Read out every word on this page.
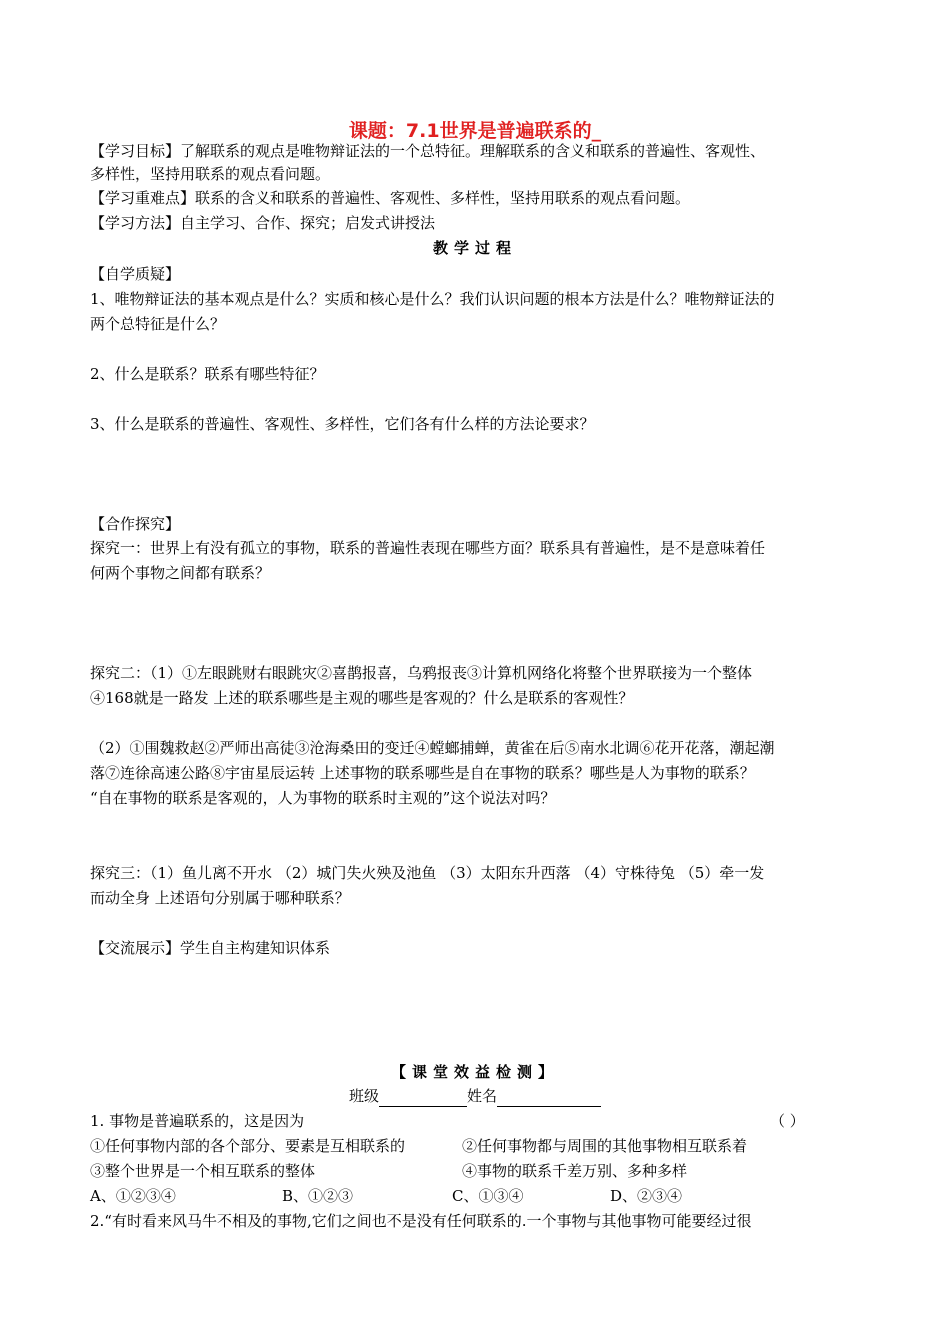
课题：7.1世界是普遍联系的_
【学习目标】了解联系的观点是唯物辩证法的一个总特征。理解联系的含义和联系的普遍性、客观性、
多样性，坚持用联系的观点看问题。
【学习重难点】联系的含义和联系的普遍性、客观性、多样性，坚持用联系的观点看问题。
【学习方法】自主学习、合作、探究；启发式讲授法
教学过程
【自学质疑】
1、唯物辩证法的基本观点是什么？实质和核心是什么？我们认识问题的根本方法是什么？唯物辩证法的
两个总特征是什么？
2、什么是联系？联系有哪些特征？
3、什么是联系的普遍性、客观性、多样性，它们各有什么样的方法论要求？
【合作探究】
探究一：世界上有没有孤立的事物，联系的普遍性表现在哪些方面？联系具有普遍性，是不是意味着任
何两个事物之间都有联系？
探究二：（1）①左眼跳财右眼跳灾②喜鹊报喜，乌鸦报丧③计算机网络化将整个世界联接为一个整体
④168就是一路发 上述的联系哪些是主观的哪些是客观的？什么是联系的客观性？
（2）①围魏救赵②严师出高徒③沧海桑田的变迁④螳螂捕蝉，黄雀在后⑤南水北调⑥花开花落，潮起潮
落⑦连徐高速公路⑧宇宙星辰运转 上述事物的联系哪些是自在事物的联系？哪些是人为事物的联系？
“自在事物的联系是客观的，人为事物的联系时主观的”这个说法对吗？
探究三：（1）鱼儿离不开水 （2）城门失火殃及池鱼 （3）太阳东升西落 （4）守株待兔 （5）牵一发
而动全身 上述语句分别属于哪种联系？
【交流展示】学生自主构建知识体系
【课堂效益检测】
班级	姓名
1. 事物是普遍联系的，这是因为	（ ）
①任何事物内部的各个部分、要素是互相联系的	②任何事物都与周围的其他事物相互联系着
③整个世界是一个相互联系的整体	④事物的联系千差万别、多种多样
A、①②③④	B、①②③	C、①③④	D、②③④
2.“有时看来风马牛不相及的事物,它们之间也不是没有任何联系的.一个事物与其他事物可能要经过很
